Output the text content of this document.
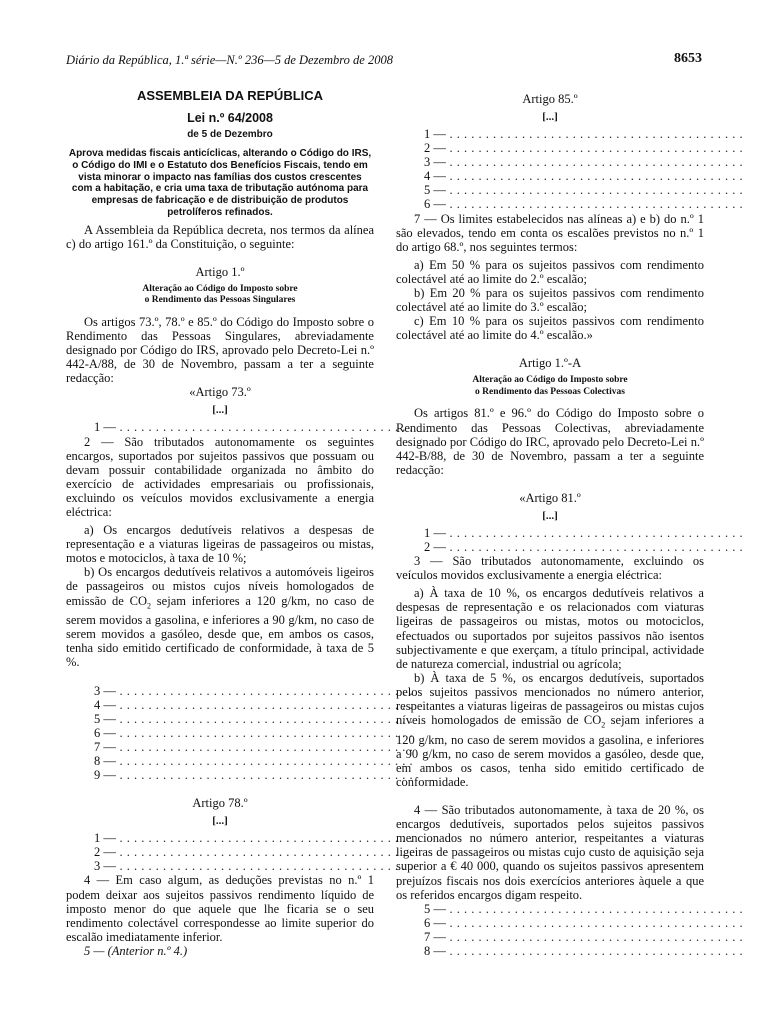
Diário da República, 1.ª série—N.º 236—5 de Dezembro de 2008	8653
ASSEMBLEIA DA REPÚBLICA
Lei n.º 64/2008
de 5 de Dezembro
Aprova medidas fiscais anticíclicas, alterando o Código do IRS, o Código do IMI e o Estatuto dos Benefícios Fiscais, tendo em vista minorar o impacto nas famílias dos custos crescentes com a habitação, e cria uma taxa de tributação autónoma para empresas de fabricação e de distribuição de produtos petrolíferos refinados.

A Assembleia da República decreta, nos termos da alínea c) do artigo 161.º da Constituição, o seguinte:

Artigo 1.º
Alteração ao Código do Imposto sobre
o Rendimento das Pessoas Singulares

Os artigos 73.º, 78.º e 85.º do Código do Imposto sobre o Rendimento das Pessoas Singulares, abreviadamente designado por Código do IRS, aprovado pelo Decreto-Lei n.º 442-A/88, de 30 de Novembro, passam a ter a seguinte redacção:

«Artigo 73.º
[...]
1 — . . . . . . . . . . . . . . . . . . . . . . . . . . . . . . . . . . . . . . . . .

2 — São tributados autonomamente os seguintes encargos, suportados por sujeitos passivos que possuam ou devam possuir contabilidade organizada no âmbito do exercício de actividades empresariais ou profissionais, excluindo os veículos movidos exclusivamente a energia eléctrica:

a) Os encargos dedutíveis relativos a despesas de representação e a viaturas ligeiras de passageiros ou mistas, motos e motociclos, à taxa de 10 %;

b) Os encargos dedutíveis relativos a automóveis ligeiros de passageiros ou mistos cujos níveis homologados de emissão de $CO_2$ sejam inferiores a 120 g/km, no caso de serem movidos a gasolina, e inferiores a 90 g/km, no caso de serem movidos a gasóleo, desde que, em ambos os casos, tenha sido emitido certificado de conformidade, à taxa de 5 %.

3 — . . . . . . . . . . . . . . . . . . . . . . . . . . . . . . . . . . . . . . . . .
4 — . . . . . . . . . . . . . . . . . . . . . . . . . . . . . . . . . . . . . . . . .
5 — . . . . . . . . . . . . . . . . . . . . . . . . . . . . . . . . . . . . . . . . .
6 — . . . . . . . . . . . . . . . . . . . . . . . . . . . . . . . . . . . . . . . . .
7 — . . . . . . . . . . . . . . . . . . . . . . . . . . . . . . . . . . . . . . . . .
8 — . . . . . . . . . . . . . . . . . . . . . . . . . . . . . . . . . . . . . . . . .
9 — . . . . . . . . . . . . . . . . . . . . . . . . . . . . . . . . . . . . . . . . .
Artigo 78.º
[...]
1 — . . . . . . . . . . . . . . . . . . . . . . . . . . . . . . . . . . . . . . . . .
2 — . . . . . . . . . . . . . . . . . . . . . . . . . . . . . . . . . . . . . . . . .
3 — . . . . . . . . . . . . . . . . . . . . . . . . . . . . . . . . . . . . . . . . .

4 — Em caso algum, as deduções previstas no n.º 1 podem deixar aos sujeitos passivos rendimento líquido de imposto menor do que aquele que lhe ficaria se o seu rendimento colectável correspondesse ao limite superior do escalão imediatamente inferior.

5 — (Anterior n.º 4.)

Artigo 85.º
[...]
1 — . . . . . . . . . . . . . . . . . . . . . . . . . . . . . . . . . . . . . . . . .
2 — . . . . . . . . . . . . . . . . . . . . . . . . . . . . . . . . . . . . . . . . .
3 — . . . . . . . . . . . . . . . . . . . . . . . . . . . . . . . . . . . . . . . . .
4 — . . . . . . . . . . . . . . . . . . . . . . . . . . . . . . . . . . . . . . . . .
5 — . . . . . . . . . . . . . . . . . . . . . . . . . . . . . . . . . . . . . . . . .
6 — . . . . . . . . . . . . . . . . . . . . . . . . . . . . . . . . . . . . . . . . .

7 — Os limites estabelecidos nas alíneas a) e b) do n.º 1 são elevados, tendo em conta os escalões previstos no n.º 1 do artigo 68.º, nos seguintes termos:

a) Em 50 % para os sujeitos passivos com rendimento colectável até ao limite do 2.º escalão;

b) Em 20 % para os sujeitos passivos com rendimento colectável até ao limite do 3.º escalão;

c) Em 10 % para os sujeitos passivos com rendimento colectável até ao limite do 4.º escalão.»

Artigo 1.º-A
Alteração ao Código do Imposto sobre
o Rendimento das Pessoas Colectivas

Os artigos 81.º e 96.º do Código do Imposto sobre o Rendimento das Pessoas Colectivas, abreviadamente designado por Código do IRC, aprovado pelo Decreto-Lei n.º 442-B/88, de 30 de Novembro, passam a ter a seguinte redacção:

«Artigo 81.º
[...]
1 — . . . . . . . . . . . . . . . . . . . . . . . . . . . . . . . . . . . . . . . . .
2 — . . . . . . . . . . . . . . . . . . . . . . . . . . . . . . . . . . . . . . . . .

3 — São tributados autonomamente, excluindo os veículos movidos exclusivamente a energia eléctrica:

a) À taxa de 10 %, os encargos dedutíveis relativos a despesas de representação e os relacionados com viaturas ligeiras de passageiros ou mistas, motos ou motociclos, efectuados ou suportados por sujeitos passivos não isentos subjectivamente e que exerçam, a título principal, actividade de natureza comercial, industrial ou agrícola;

b) À taxa de 5 %, os encargos dedutíveis, suportados pelos sujeitos passivos mencionados no número anterior, respeitantes a viaturas ligeiras de passageiros ou mistas cujos níveis homologados de emissão de $CO_2$ sejam inferiores a 120 g/km, no caso de serem movidos a gasolina, e inferiores a 90 g/km, no caso de serem movidos a gasóleo, desde que, em ambos os casos, tenha sido emitido certificado de conformidade.

4 — São tributados autonomamente, à taxa de 20 %, os encargos dedutíveis, suportados pelos sujeitos passivos mencionados no número anterior, respeitantes a viaturas ligeiras de passageiros ou mistas cujo custo de aquisição seja superior a € 40 000, quando os sujeitos passivos apresentem prejuízos fiscais nos dois exercícios anteriores àquele a que os referidos encargos digam respeito.

5 — . . . . . . . . . . . . . . . . . . . . . . . . . . . . . . . . . . . . . . . . .
6 — . . . . . . . . . . . . . . . . . . . . . . . . . . . . . . . . . . . . . . . . .
7 — . . . . . . . . . . . . . . . . . . . . . . . . . . . . . . . . . . . . . . . . .
8 — . . . . . . . . . . . . . . . . . . . . . . . . . . . . . . . . . . . . . . . . .
